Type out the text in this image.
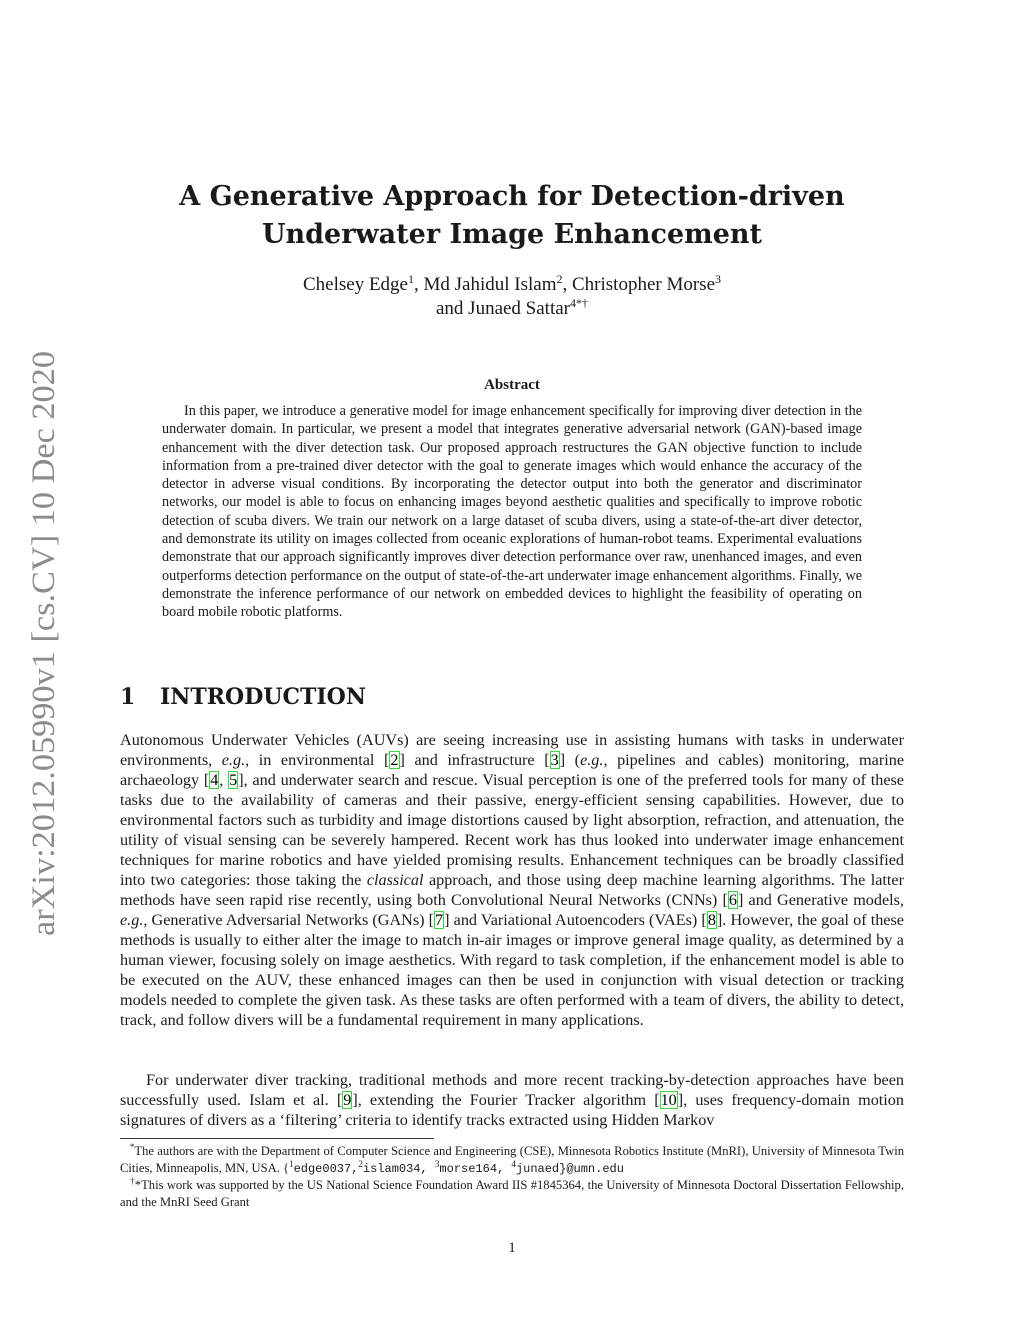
arXiv:2012.05990v1 [cs.CV] 10 Dec 2020
A Generative Approach for Detection-driven
Underwater Image Enhancement
Chelsey Edge$^1$, Md Jahidul Islam$^2$, Christopher Morse$^3$
and Junaed Sattar$^{4*\dagger}$
Abstract
In this paper, we introduce a generative model for image enhancement specifically for improving diver detection in the underwater domain. In particular, we present a model that integrates generative adversarial network (GAN)-based image enhancement with the diver detection task. Our proposed approach restructures the GAN objective function to include information from a pre-trained diver detector with the goal to generate images which would enhance the accuracy of the detector in adverse visual conditions. By incorporating the detector output into both the generator and discriminator networks, our model is able to focus on enhancing images beyond aesthetic qualities and specifically to improve robotic detection of scuba divers. We train our network on a large dataset of scuba divers, using a state-of-the-art diver detector, and demonstrate its utility on images collected from oceanic explorations of human-robot teams. Experimental evaluations demonstrate that our approach significantly improves diver detection performance over raw, unenhanced images, and even outperforms detection performance on the output of state-of-the-art underwater image enhancement algorithms. Finally, we demonstrate the inference performance of our network on embedded devices to highlight the feasibility of operating on board mobile robotic platforms.
1 INTRODUCTION
Autonomous Underwater Vehicles (AUVs) are seeing increasing use in assisting humans with tasks in underwater environments, e.g., in environmental [2] and infrastructure [3] (e.g., pipelines and cables) monitoring, marine archaeology [4, 5], and underwater search and rescue. Visual perception is one of the preferred tools for many of these tasks due to the availability of cameras and their passive, energy-efficient sensing capabilities. However, due to environmental factors such as turbidity and image distortions caused by light absorption, refraction, and attenuation, the utility of visual sensing can be severely hampered. Recent work has thus looked into underwater image enhancement techniques for marine robotics and have yielded promising results. Enhancement techniques can be broadly classified into two categories: those taking the classical approach, and those using deep machine learning algorithms. The latter methods have seen rapid rise recently, using both Convolutional Neural Networks (CNNs) [6] and Generative models, e.g., Generative Adversarial Networks (GANs) [7] and Variational Autoencoders (VAEs) [8]. However, the goal of these methods is usually to either alter the image to match in-air images or improve general image quality, as determined by a human viewer, focusing solely on image aesthetics. With regard to task completion, if the enhancement model is able to be executed on the AUV, these enhanced images can then be used in conjunction with visual detection or tracking models needed to complete the given task. As these tasks are often performed with a team of divers, the ability to detect, track, and follow divers will be a fundamental requirement in many applications.
For underwater diver tracking, traditional methods and more recent tracking-by-detection approaches have been successfully used. Islam et al. [9], extending the Fourier Tracker algorithm [10], uses frequency-domain motion signatures of divers as a ‘filtering’ criteria to identify tracks extracted using Hidden Markov
*The authors are with the Department of Computer Science and Engineering (CSE), Minnesota Robotics Institute (MnRI), University of Minnesota Twin Cities, Minneapolis, MN, USA. {$^1$edge0037,$^2$islam034, $^3$morse164, $^4$junaed}@umn.edu
†*This work was supported by the US National Science Foundation Award IIS #1845364, the University of Minnesota Doctoral Dissertation Fellowship, and the MnRI Seed Grant
1
